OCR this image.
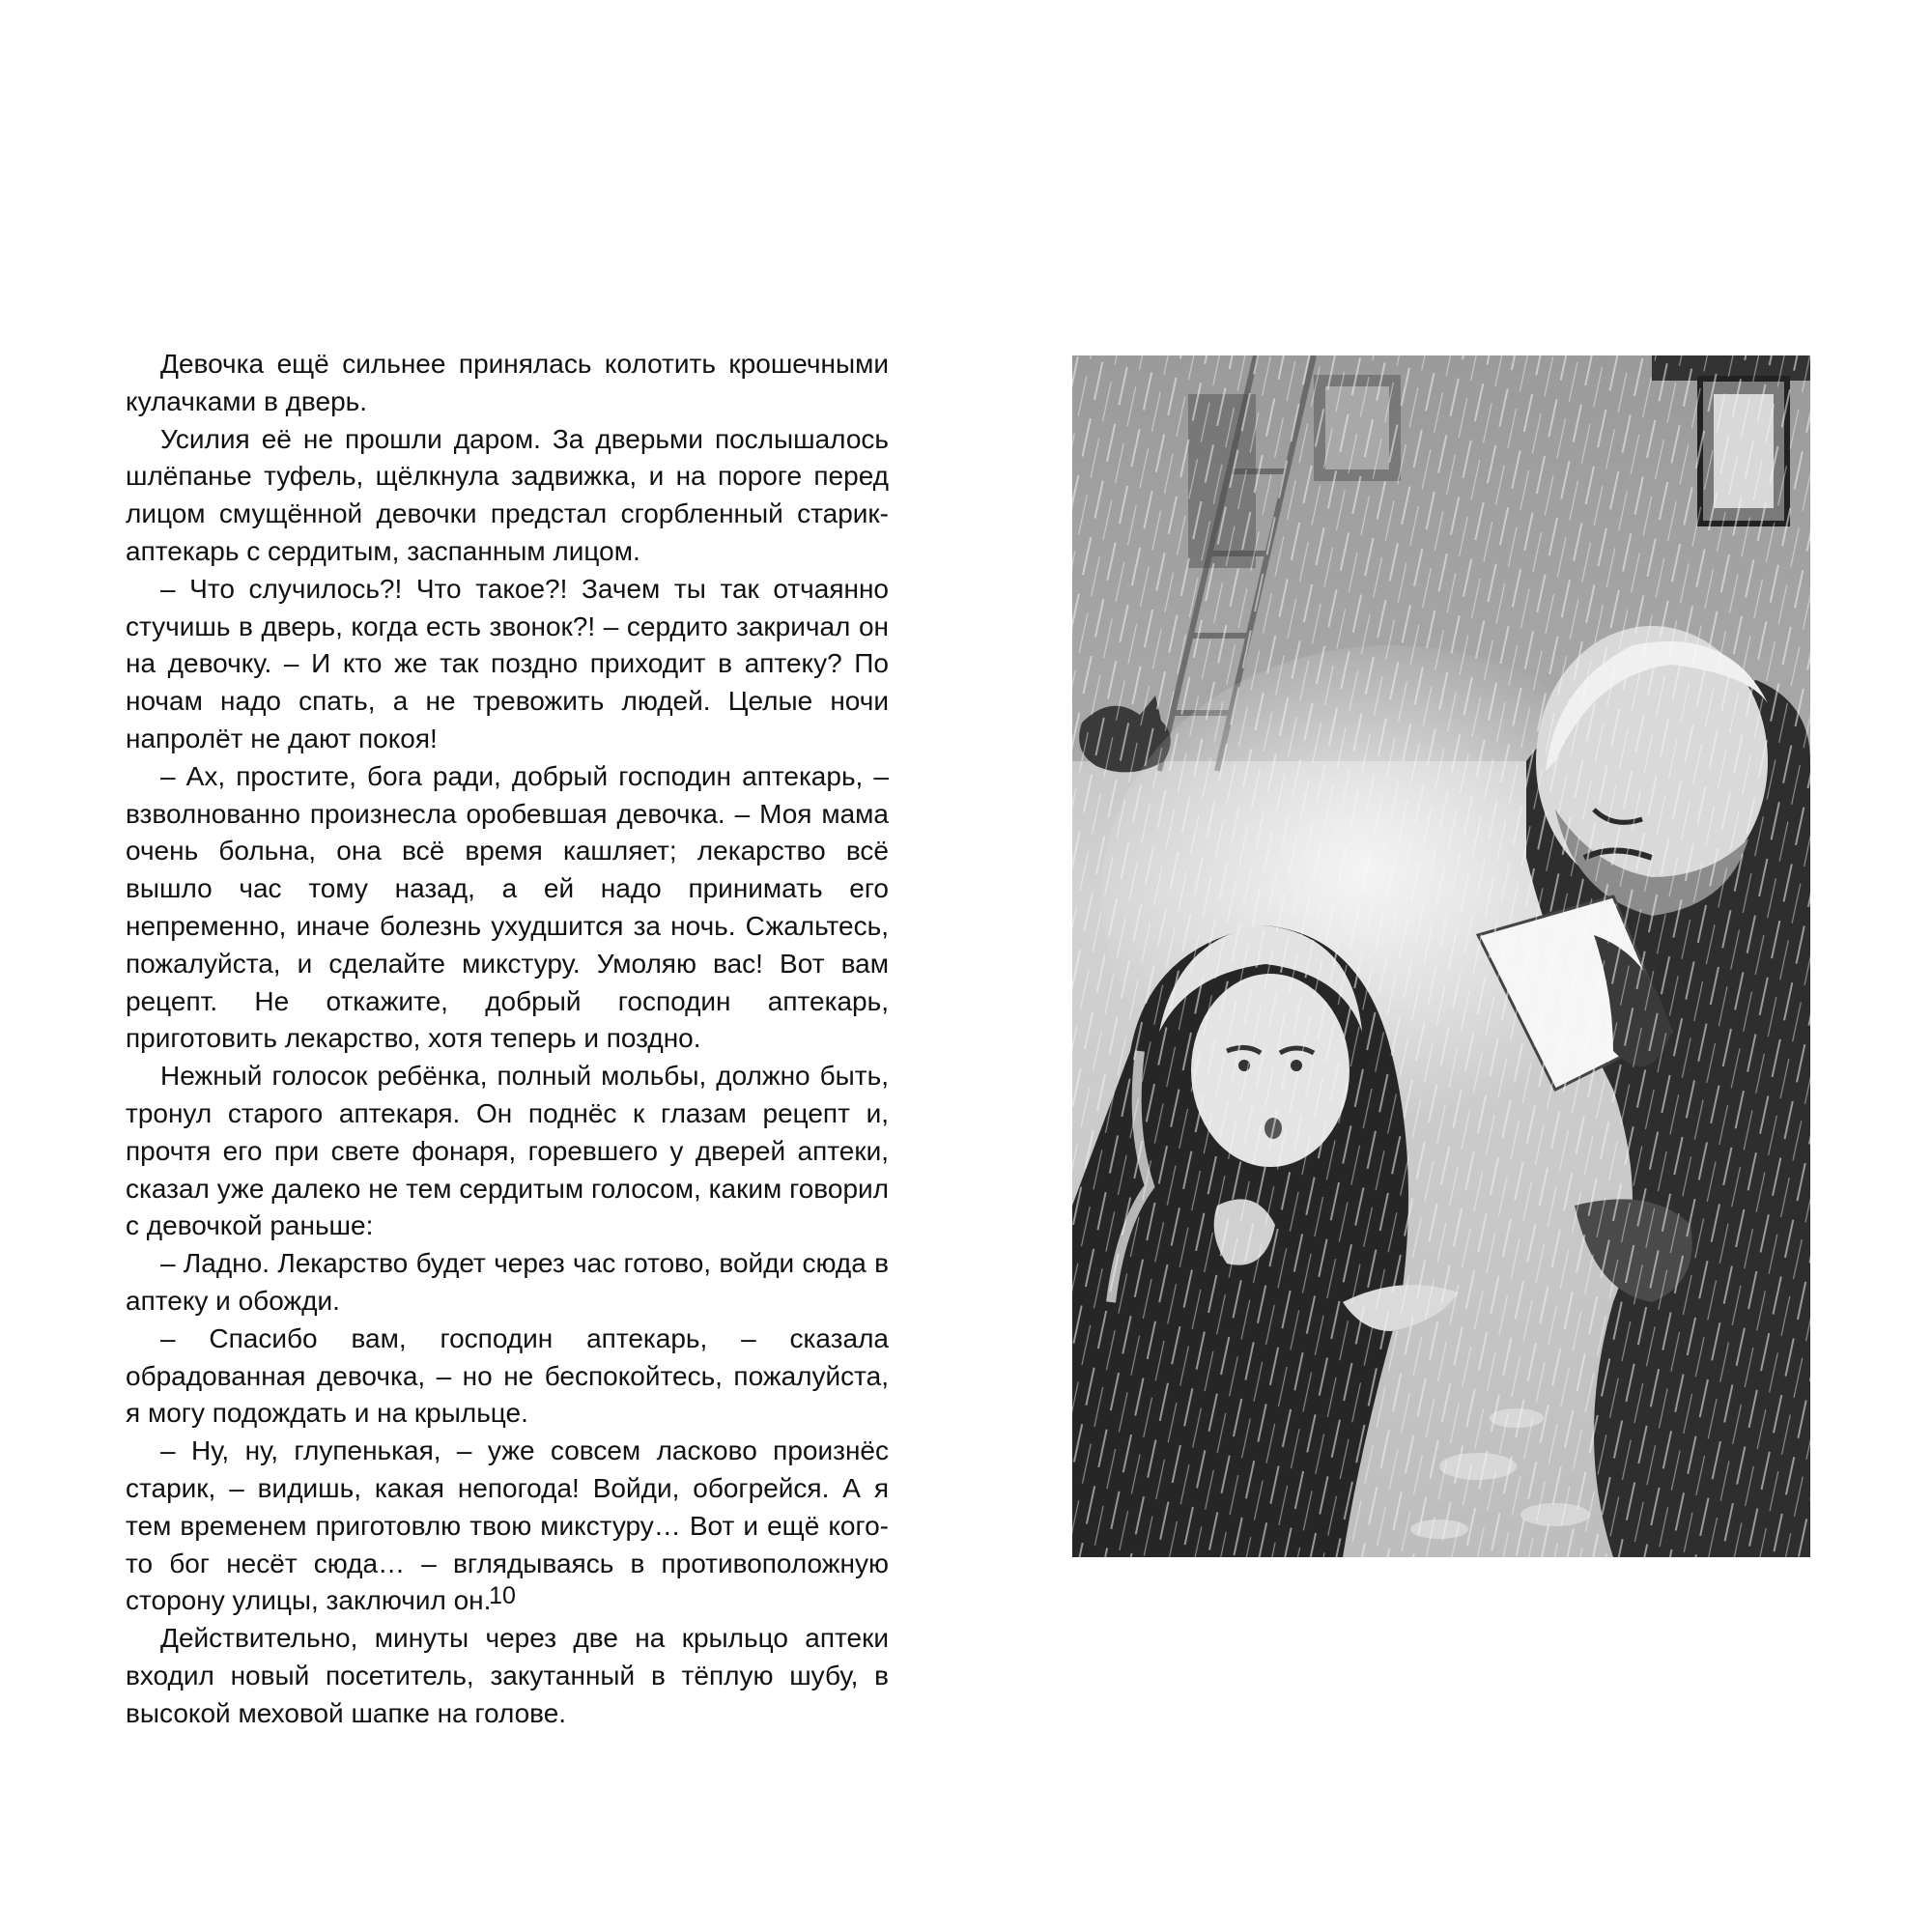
Девочка ещё сильнее принялась колотить крошечными кулачками в дверь.

Усилия её не прошли даром. За дверьми послышалось шлёпанье туфель, щёлкнула задвижка, и на пороге перед лицом смущённой девочки предстал сгорбленный старик-аптекарь с сердитым, заспанным лицом.

– Что случилось?! Что такое?! Зачем ты так отчаянно стучишь в дверь, когда есть звонок?! – сердито закричал он на девочку. – И кто же так поздно приходит в аптеку? По ночам надо спать, а не тревожить людей. Целые ночи напролёт не дают покоя!

– Ах, простите, бога ради, добрый господин аптекарь, – взволнованно произнесла оробевшая девочка. – Моя мама очень больна, она всё время кашляет; лекарство всё вышло час тому назад, а ей надо принимать его непременно, иначе болезнь ухудшится за ночь. Сжальтесь, пожалуйста, и сделайте микстуру. Умоляю вас! Вот вам рецепт. Не откажите, добрый господин аптекарь, приготовить лекарство, хотя теперь и поздно.

Нежный голосок ребёнка, полный мольбы, должно быть, тронул старого аптекаря. Он поднёс к глазам рецепт и, прочтя его при свете фонаря, горевшего у дверей аптеки, сказал уже далеко не тем сердитым голосом, каким говорил с девочкой раньше:

– Ладно. Лекарство будет через час готово, войди сюда в аптеку и обожди.

– Спасибо вам, господин аптекарь, – сказала обрадованная девочка, – но не беспокойтесь, пожалуйста, я могу подождать и на крыльце.

– Ну, ну, глупенькая, – уже совсем ласково произнёс старик, – видишь, какая непогода! Войди, обогрейся. А я тем временем приготовлю твою микстуру… Вот и ещё кого-то бог несёт сюда… – вглядываясь в противоположную сторону улицы, заключил он.

Действительно, минуты через две на крыльцо аптеки входил новый посетитель, закутанный в тёплую шубу, в высокой меховой шапке на голове.

10
